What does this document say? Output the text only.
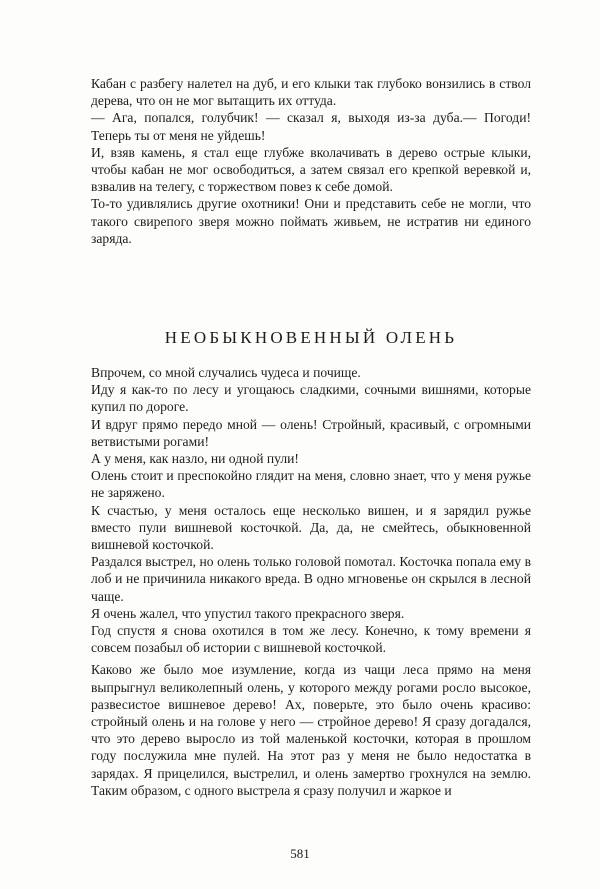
Кабан с разбегу налетел на дуб, и его клыки так глубоко вонзились в ствол дерева, что он не мог вытащить их оттуда.

— Ага, попался, голубчик! — сказал я, выходя из-за дуба.— Погоди! Теперь ты от меня не уйдешь!

И, взяв камень, я стал еще глубже вколачивать в дерево острые клыки, чтобы кабан не мог освободиться, а затем связал его крепкой веревкой и, взвалив на телегу, с торжеством повез к себе домой.

То-то удивлялись другие охотники! Они и представить себе не могли, что такого свирепого зверя можно поймать живьем, не истратив ни единого заряда.

НЕОБЫКНОВЕННЫЙ ОЛЕНЬ

Впрочем, со мной случались чудеса и почище.

Иду я как-то по лесу и угощаюсь сладкими, сочными вишнями, которые купил по дороге.

И вдруг прямо передо мной — олень! Стройный, красивый, с огромными ветвистыми рогами!

А у меня, как назло, ни одной пули!

Олень стоит и преспокойно глядит на меня, словно знает, что у меня ружье не заряжено.

К счастью, у меня осталось еще несколько вишен, и я зарядил ружье вместо пули вишневой косточкой. Да, да, не смейтесь, обыкновенной вишневой косточкой.

Раздался выстрел, но олень только головой помотал. Косточка попала ему в лоб и не причинила никакого вреда. В одно мгновенье он скрылся в лесной чаще.

Я очень жалел, что упустил такого прекрасного зверя.

Год спустя я снова охотился в том же лесу. Конечно, к тому времени я совсем позабыл об истории с вишневой косточкой.

Каково же было мое изумление, когда из чащи леса прямо на меня выпрыгнул великолепный олень, у которого между рогами росло высокое, развесистое вишневое дерево! Ах, поверьте, это было очень красиво: стройный олень и на голове у него — стройное дерево! Я сразу догадался, что это дерево выросло из той маленькой косточки, которая в прошлом году послужила мне пулей. На этот раз у меня не было недостатка в зарядах. Я прицелился, выстрелил, и олень замертво грохнулся на землю. Таким образом, с одного выстрела я сразу получил и жаркое и

581
